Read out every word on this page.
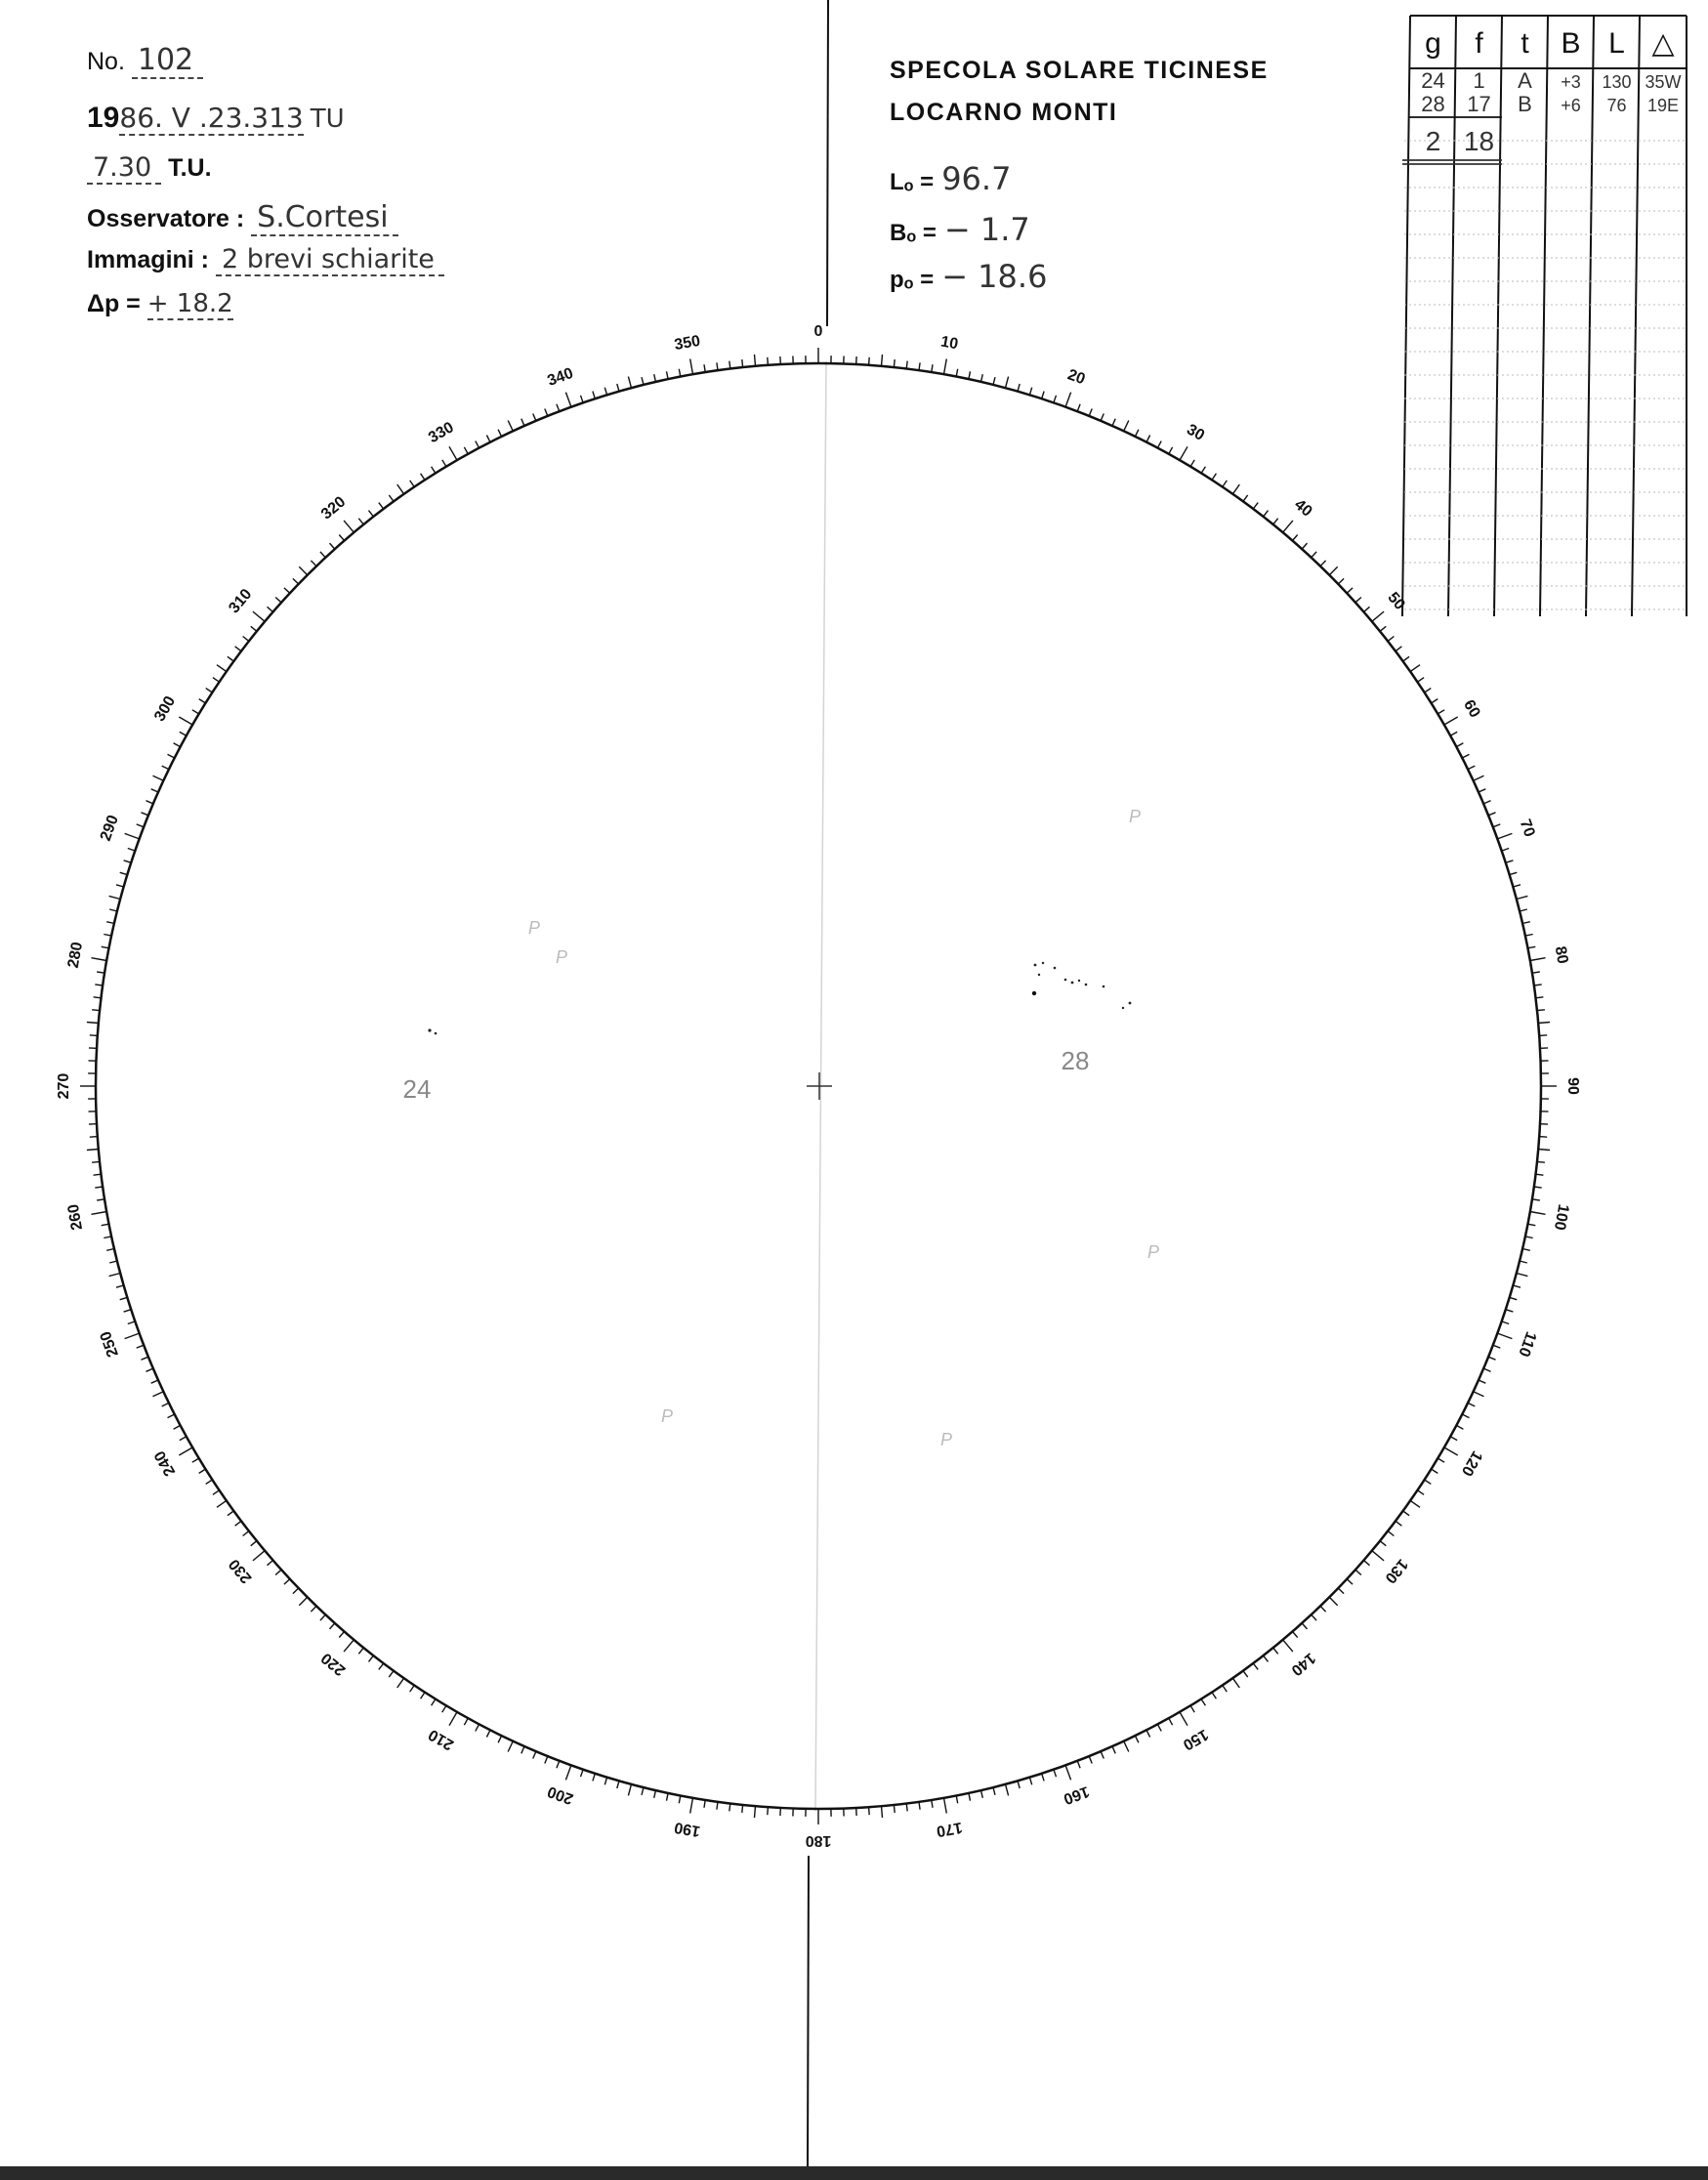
No. 102
1986. V .23.313 TU
7.30 T.U.
Osservatore : S.Cortesi
Immagini : 2 brevi schiarite
Δp = + 18.2
SPECOLA SOLARE TICINESE
LOCARNO MONTI
Lₒ = 96.7
Bₒ = − 1.7
pₒ = − 18.6
g f t B L △
24 1 A +3 130 35W
28 17 B +6 76 19E
2 18
0
10
20
30
40
50
60
70
80
90
100
110
120
130
140
150
160
170
180
190
200
210
220
230
240
250
260
270
280
290
300
310
320
330
340
350
24
28
P
P
P
P
P
P
